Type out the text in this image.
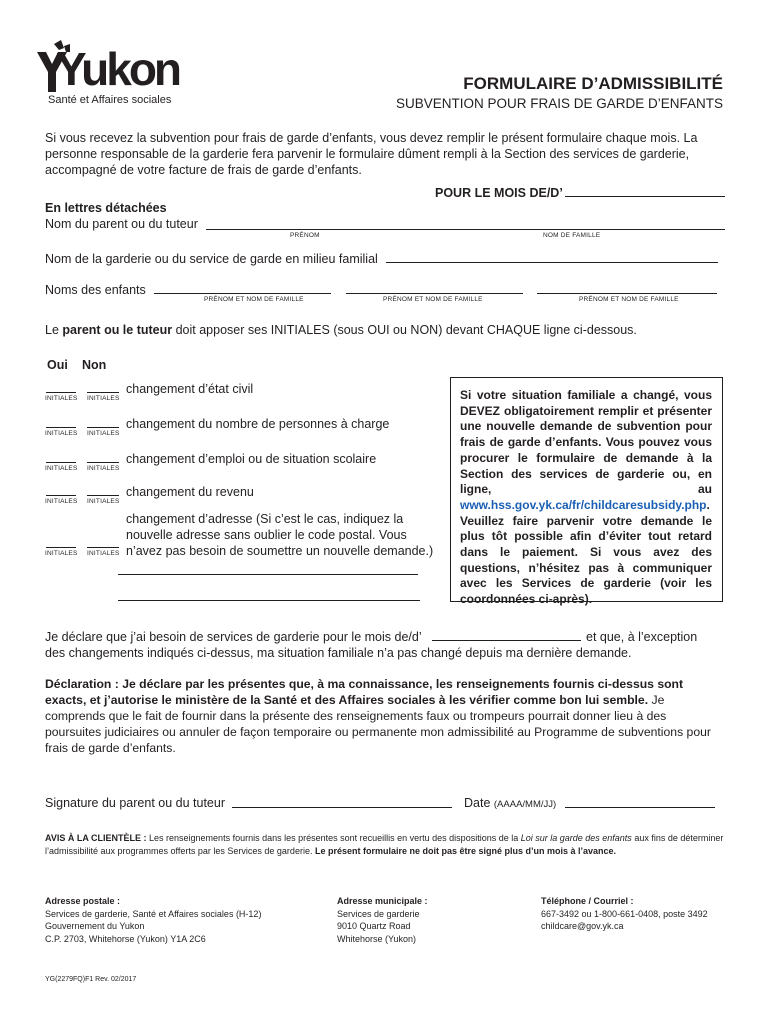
Yukon
Santé et Affaires sociales
FORMULAIRE D’ADMISSIBILITÉ
SUBVENTION POUR FRAIS DE GARDE D’ENFANTS
Si vous recevez la subvention pour frais de garde d’enfants, vous devez remplir le présent formulaire chaque mois. La personne responsable de la garderie fera parvenir le formulaire dûment rempli à la Section des services de garderie, accompagné de votre facture de frais de garde d’enfants.
POUR LE MOIS DE/D’
En lettres détachées
Nom du parent ou du tuteur
PRÉNOM	NOM DE FAMILLE
Nom de la garderie ou du service de garde en milieu familial
Noms des enfants
PRÉNOM ET NOM DE FAMILLE	PRÉNOM ET NOM DE FAMILLE	PRÉNOM ET NOM DE FAMILLE
Le parent ou le tuteur doit apposer ses INITIALES (sous OUI ou NON) devant CHAQUE ligne ci-dessous.
Oui Non
INITIALES INITIALES
changement d’état civil
INITIALES INITIALES
changement du nombre de personnes à charge
INITIALES INITIALES
changement d’emploi ou de situation scolaire
INITIALES INITIALES
changement du revenu
INITIALES INITIALES
changement d’adresse (Si c’est le cas, indiquez la
nouvelle adresse sans oublier le code postal. Vous
n’avez pas besoin de soumettre un nouvelle demande.)
Si votre situation familiale a changé, vous DEVEZ obligatoirement remplir et présenter une nouvelle demande de subvention pour frais de garde d’enfants. Vous pouvez vous procurer le formulaire de demande à la Section des services de garderie ou, en ligne, au www.hss.gov.yk.ca/fr/childcaresubsidy.php. Veuillez faire parvenir votre demande le plus tôt possible afin d’éviter tout retard dans le paiement. Si vous avez des questions, n’hésitez pas à communiquer avec les Services de garderie (voir les coordonnées ci-après).
Je déclare que j’ai besoin de services de garderie pour le mois de/d’	et que, à l’exception
des changements indiqués ci-dessus, ma situation familiale n’a pas changé depuis ma dernière demande.
Déclaration : Je déclare par les présentes que, à ma connaissance, les renseignements fournis ci-dessus sont exacts, et j’autorise le ministère de la Santé et des Affaires sociales à les vérifier comme bon lui semble. Je comprends que le fait de fournir dans la présente des renseignements faux ou trompeurs pourrait donner lieu à des poursuites judiciaires ou annuler de façon temporaire ou permanente mon admissibilité au Programme de subventions pour frais de garde d’enfants.
Signature du parent ou du tuteur	Date (AAAA/MM/JJ)
AVIS À LA CLIENTÈLE : Les renseignements fournis dans les présentes sont recueillis en vertu des dispositions de la Loi sur la garde des enfants aux fins de déterminer l’admissibilité aux programmes offerts par les Services de garderie. Le présent formulaire ne doit pas être signé plus d’un mois à l’avance.
Adresse postale :
Services de garderie, Santé et Affaires sociales (H-12)
Gouvernement du Yukon
C.P. 2703, Whitehorse (Yukon) Y1A 2C6
Adresse municipale :
Services de garderie
9010 Quartz Road
Whitehorse (Yukon)
Téléphone / Courriel :
667-3492 ou 1-800-661-0408, poste 3492
childcare@gov.yk.ca
YG(2279FQ)F1 Rev. 02/2017
